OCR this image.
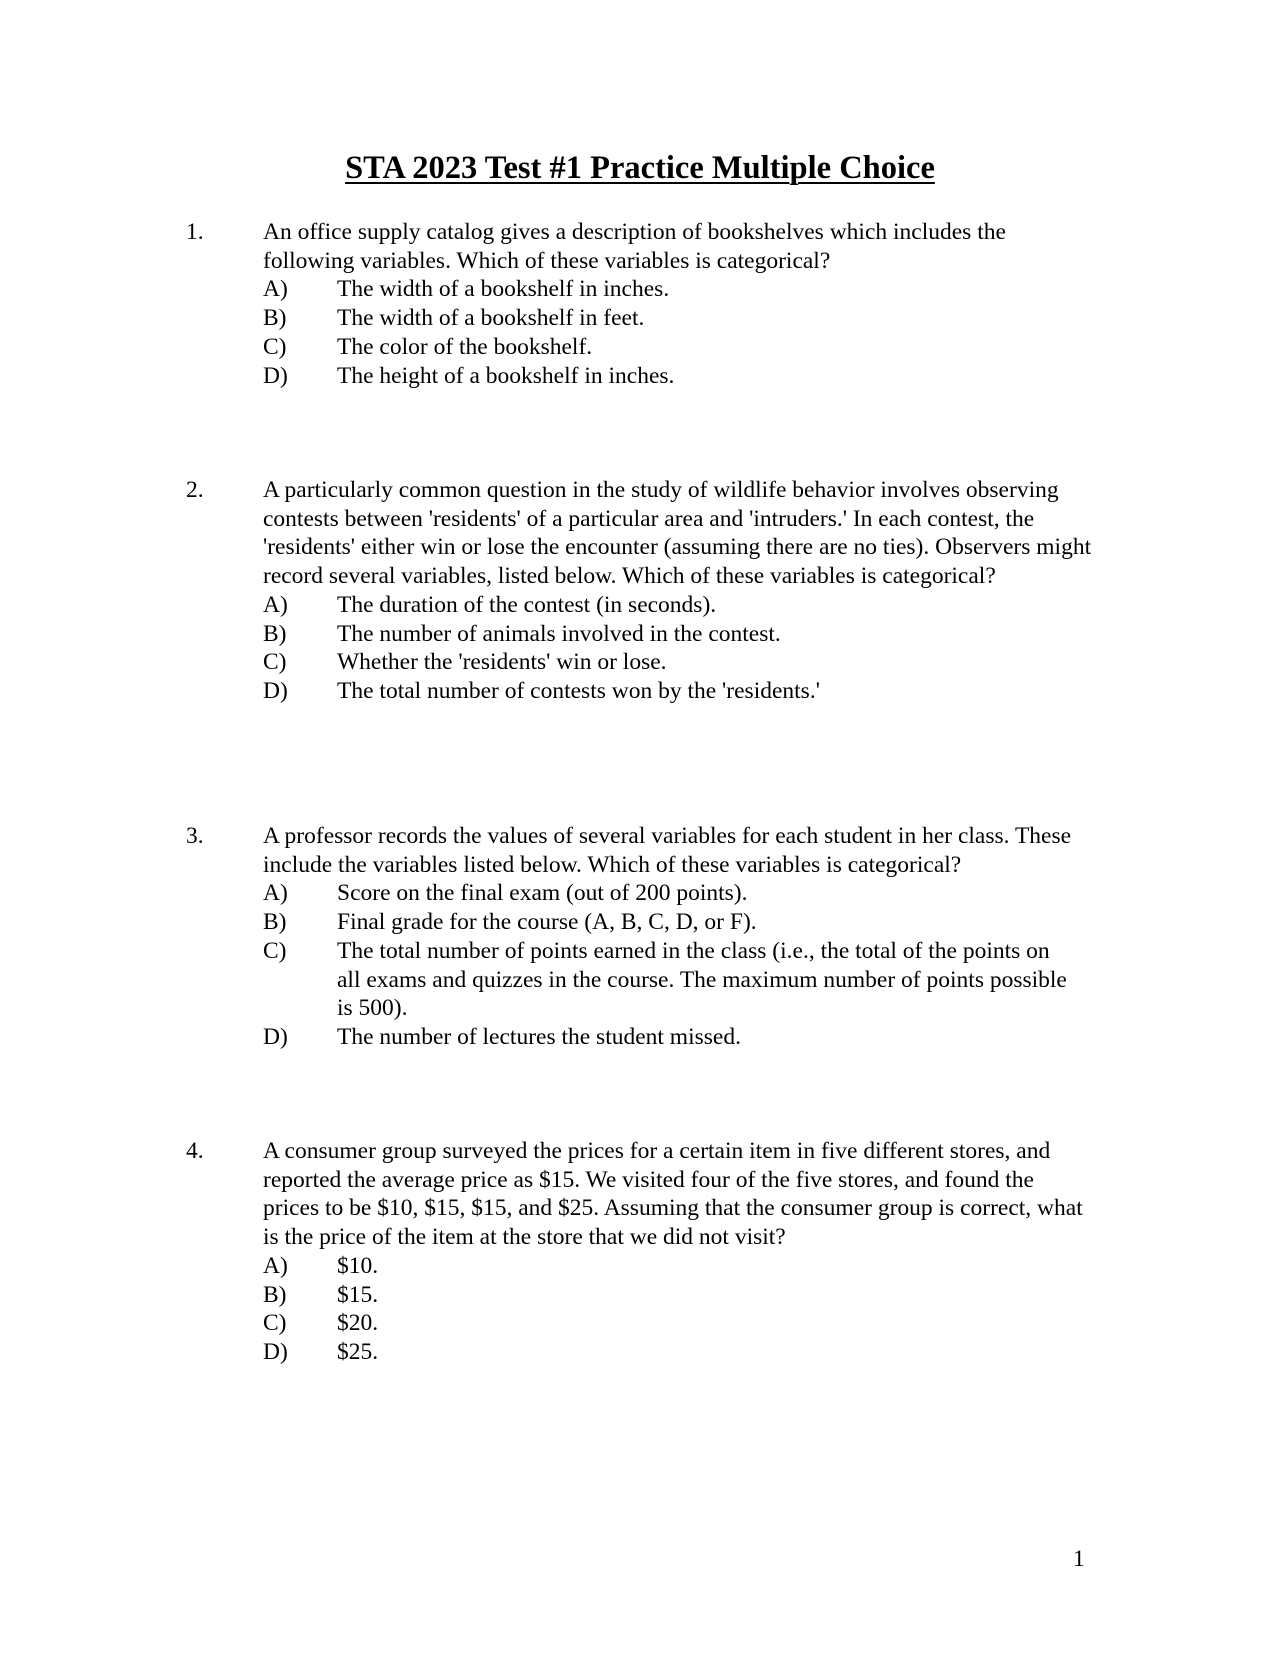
STA 2023 Test #1 Practice Multiple Choice
1.	An office supply catalog gives a description of bookshelves which includes the following variables. Which of these variables is categorical?
A) The width of a bookshelf in inches.
B) The width of a bookshelf in feet.
C) The color of the bookshelf.
D) The height of a bookshelf in inches.
2.	A particularly common question in the study of wildlife behavior involves observing contests between 'residents' of a particular area and 'intruders.' In each contest, the 'residents' either win or lose the encounter (assuming there are no ties). Observers might record several variables, listed below. Which of these variables is categorical?
A) The duration of the contest (in seconds).
B) The number of animals involved in the contest.
C) Whether the 'residents' win or lose.
D) The total number of contests won by the 'residents.'
3.	A professor records the values of several variables for each student in her class. These include the variables listed below. Which of these variables is categorical?
A) Score on the final exam (out of 200 points).
B) Final grade for the course (A, B, C, D, or F).
C) The total number of points earned in the class (i.e., the total of the points on all exams and quizzes in the course. The maximum number of points possible is 500).
D) The number of lectures the student missed.
4.	A consumer group surveyed the prices for a certain item in five different stores, and reported the average price as $15. We visited four of the five stores, and found the prices to be $10, $15, $15, and $25. Assuming that the consumer group is correct, what is the price of the item at the store that we did not visit?
A) $10.
B) $15.
C) $20.
D) $25.
1
